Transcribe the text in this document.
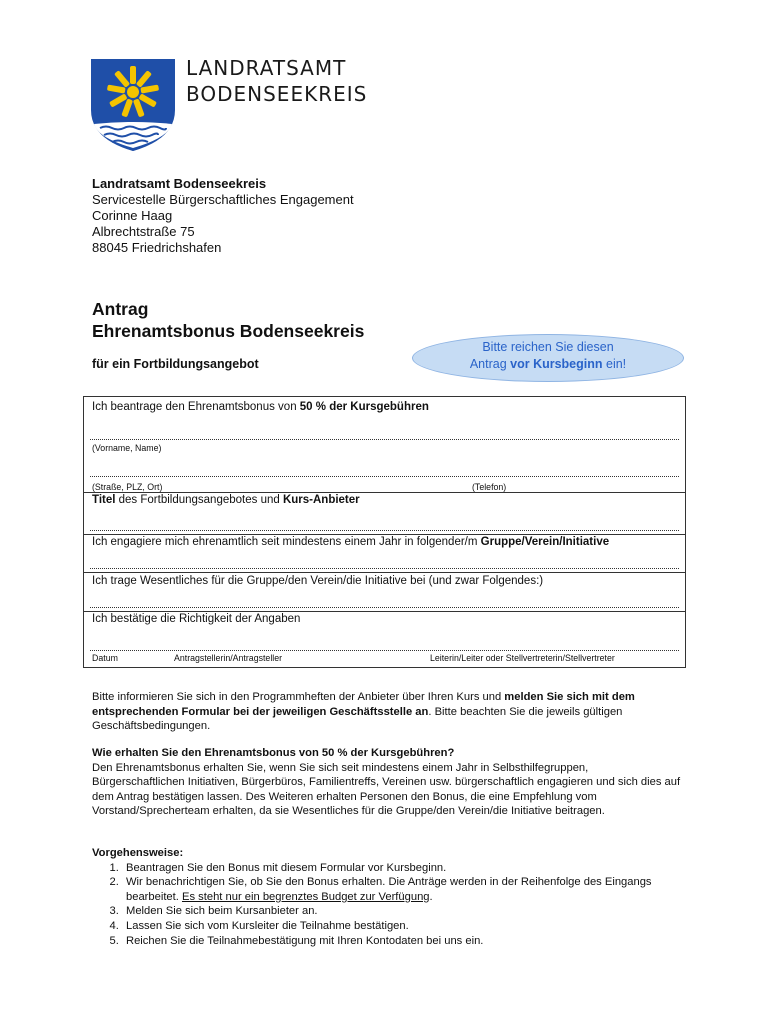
LANDRATSAMT
BODENSEEKREIS
Landratsamt Bodenseekreis
Servicestelle Bürgerschaftliches Engagement
Corinne Haag
Albrechtstraße 75
88045 Friedrichshafen
Antrag
Ehrenamtsbonus Bodenseekreis
für ein Fortbildungsangebot
Bitte reichen Sie diesen
Antrag vor Kursbeginn ein!
Ich beantrage den Ehrenamtsbonus von 50 % der Kursgebühren
(Vorname, Name)
(Straße, PLZ, Ort)	(Telefon)
Titel des Fortbildungsangebotes und Kurs-Anbieter
Ich engagiere mich ehrenamtlich seit mindestens einem Jahr in folgender/m Gruppe/Verein/Initiative
Ich trage Wesentliches für die Gruppe/den Verein/die Initiative bei (und zwar Folgendes:)
Ich bestätige die Richtigkeit der Angaben
Datum	Antragstellerin/Antragsteller	Leiterin/Leiter oder Stellvertreterin/Stellvertreter
Bitte informieren Sie sich in den Programmheften der Anbieter über Ihren Kurs und melden Sie sich mit dem entsprechenden Formular bei der jeweiligen Geschäftsstelle an. Bitte beachten Sie die jeweils gültigen Geschäftsbedingungen.
Wie erhalten Sie den Ehrenamtsbonus von 50 % der Kursgebühren?
Den Ehrenamtsbonus erhalten Sie, wenn Sie sich seit mindestens einem Jahr in Selbsthilfegruppen, Bürgerschaftlichen Initiativen, Bürgerbüros, Familientreffs, Vereinen usw. bürgerschaftlich engagieren und sich dies auf dem Antrag bestätigen lassen. Des Weiteren erhalten Personen den Bonus, die eine Empfehlung vom Vorstand/Sprecherteam erhalten, da sie Wesentliches für die Gruppe/den Verein/die Initiative beitragen.
Vorgehensweise:
1. Beantragen Sie den Bonus mit diesem Formular vor Kursbeginn.
2. Wir benachrichtigen Sie, ob Sie den Bonus erhalten. Die Anträge werden in der Reihenfolge des Eingangs bearbeitet. Es steht nur ein begrenztes Budget zur Verfügung.
3. Melden Sie sich beim Kursanbieter an.
4. Lassen Sie sich vom Kursleiter die Teilnahme bestätigen.
5. Reichen Sie die Teilnahmebestätigung mit Ihren Kontodaten bei uns ein.
